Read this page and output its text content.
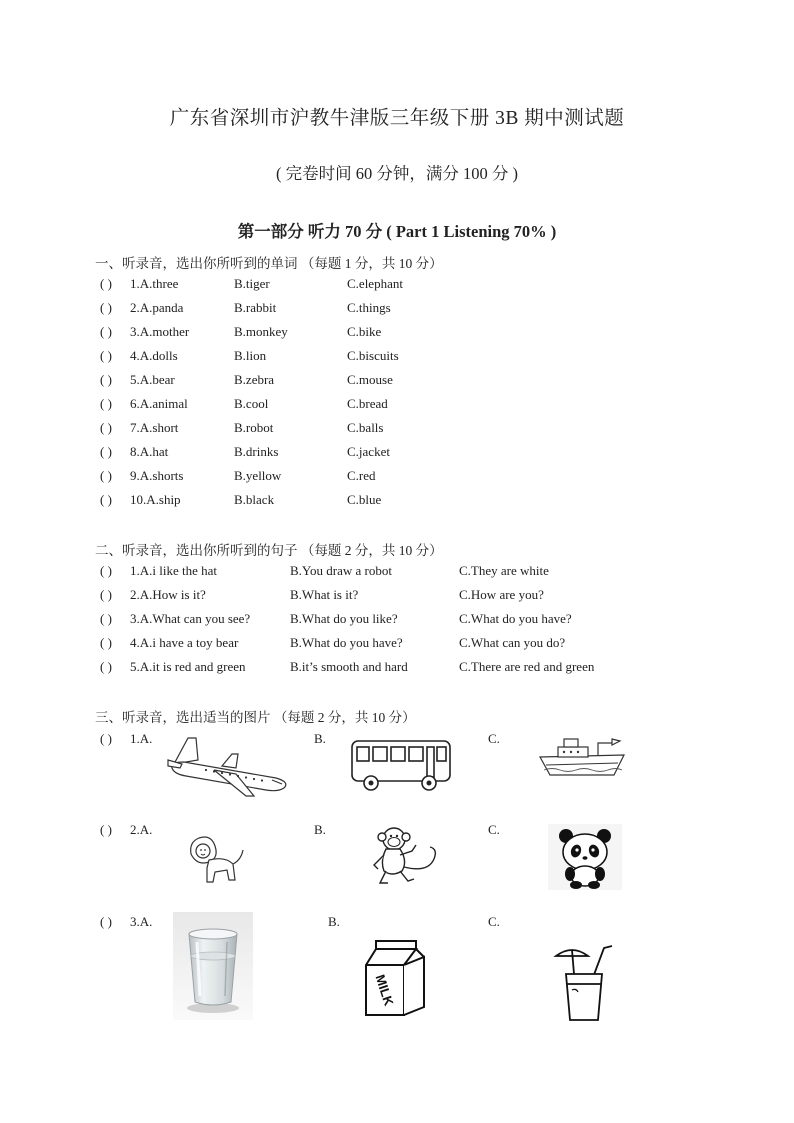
广东省深圳市沪教牛津版三年级下册 3B 期中测试题
( 完卷时间 60 分钟，满分 100 分 )
第一部分 听力 70 分 ( Part 1 Listening 70% )
一、听录音，选出你所听到的单词 （每题 1 分，共 10 分）
( ) 1.A.three	B.tiger	C.elephant
( ) 2.A.panda	B.rabbit	C.things
( ) 3.A.mother	B.monkey	C.bike
( ) 4.A.dolls	B.lion	C.biscuits
( ) 5.A.bear	B.zebra	C.mouse
( ) 6.A.animal	B.cool	C.bread
( ) 7.A.short	B.robot	C.balls
( ) 8.A.hat	B.drinks	C.jacket
( ) 9.A.shorts	B.yellow	C.red
( ) 10.A.ship	B.black	C.blue
二、听录音，选出你所听到的句子 （每题 2 分，共 10 分）
( ) 1.A.i like the hat	B.You draw a robot	C.They are white
( ) 2.A.How is it?	B.What is it?	C.How are you?
( ) 3.A.What can you see?	B.What do you like?	C.What do you have?
( ) 4.A.i have a toy bear	B.What do you have?	C.What can you do?
( ) 5.A.it is red and green	B.it’s smooth and hard	C.There are red and green
三、听录音，选出适当的图片 （每题 2 分，共 10 分）
( ) 1.A.	B.	C.
( ) 2.A.	B.	C.
( ) 3.A.	B.	C.
MILK
